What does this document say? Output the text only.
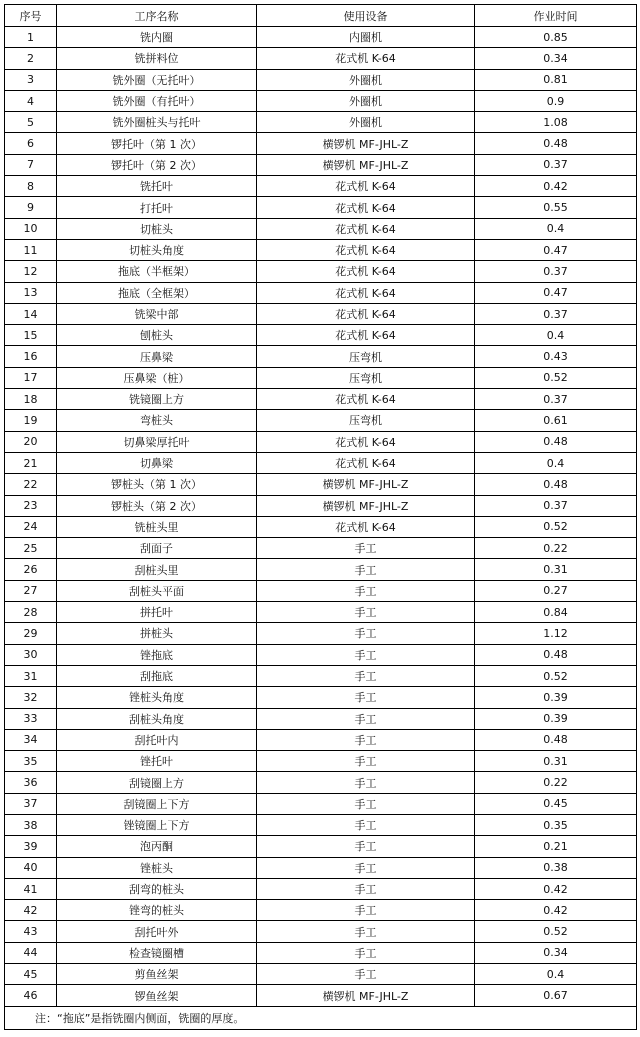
序号	工序名称	使用设备	作业时间
1	铣内圈	内圈机	0.85
2	铣拼料位	花式机 K-64	0.34
3	铣外圈（无托叶）	外圈机	0.81
4	铣外圈（有托叶）	外圈机	0.9
5	铣外圈桩头与托叶	外圈机	1.08
6	锣托叶（第 1 次）	横锣机 MF-JHL-Z	0.48
7	锣托叶（第 2 次）	横锣机 MF-JHL-Z	0.37
8	铣托叶	花式机 K-64	0.42
9	打托叶	花式机 K-64	0.55
10	切桩头	花式机 K-64	0.4
11	切桩头角度	花式机 K-64	0.47
12	拖底（半框架）	花式机 K-64	0.37
13	拖底（全框架）	花式机 K-64	0.47
14	铣梁中部	花式机 K-64	0.37
15	刨桩头	花式机 K-64	0.4
16	压鼻梁	压弯机	0.43
17	压鼻梁（桩）	压弯机	0.52
18	铣镜圈上方	花式机 K-64	0.37
19	弯桩头	压弯机	0.61
20	切鼻梁厚托叶	花式机 K-64	0.48
21	切鼻梁	花式机 K-64	0.4
22	锣桩头（第 1 次）	横锣机 MF-JHL-Z	0.48
23	锣桩头（第 2 次）	横锣机 MF-JHL-Z	0.37
24	铣桩头里	花式机 K-64	0.52
25	刮面子	手工	0.22
26	刮桩头里	手工	0.31
27	刮桩头平面	手工	0.27
28	拼托叶	手工	0.84
29	拼桩头	手工	1.12
30	锉拖底	手工	0.48
31	刮拖底	手工	0.52
32	锉桩头角度	手工	0.39
33	刮桩头角度	手工	0.39
34	刮托叶内	手工	0.48
35	锉托叶	手工	0.31
36	刮镜圈上方	手工	0.22
37	刮镜圈上下方	手工	0.45
38	锉镜圈上下方	手工	0.35
39	泡丙酮	手工	0.21
40	锉桩头	手工	0.38
41	刮弯的桩头	手工	0.42
42	锉弯的桩头	手工	0.42
43	刮托叶外	手工	0.52
44	检查镜圈槽	手工	0.34
45	剪鱼丝架	手工	0.4
46	锣鱼丝架	横锣机 MF-JHL-Z	0.67
注：“拖底”是指铣圈内侧面，铣圈的厚度。			
